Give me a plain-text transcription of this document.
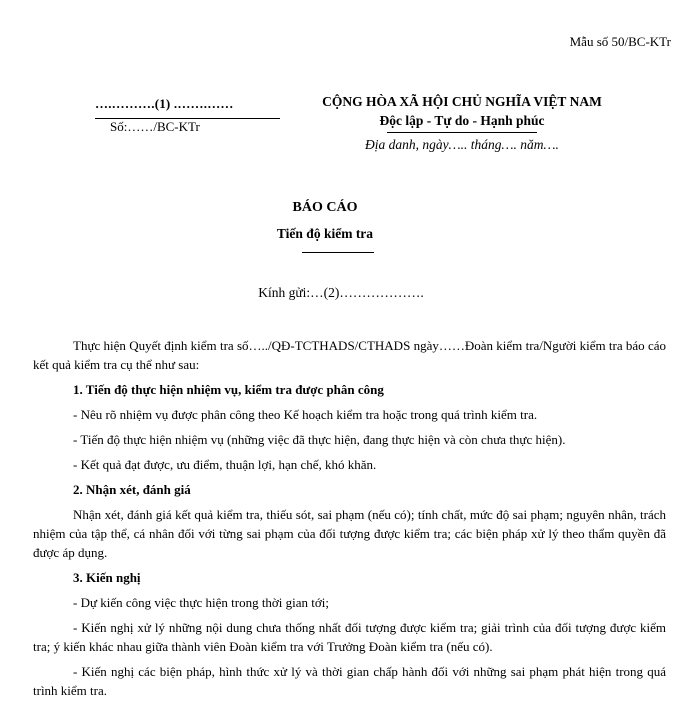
Mẫu số 50/BC-KTr
….……….(1) .…….……
Số:……/BC-KTr
CỘNG HÒA XÃ HỘI CHỦ NGHĨA VIỆT NAM
Độc lập - Tự do - Hạnh phúc
Địa danh, ngày….. tháng…. năm….
BÁO CÁO
Tiến độ kiểm tra
Kính gửi:…(2)……………….

Thực hiện Quyết định kiểm tra số…../QĐ-TCTHADS/CTHADS ngày……Đoàn kiểm tra/Người kiểm tra báo cáo kết quả kiểm tra cụ thể như sau:

1. Tiến độ thực hiện nhiệm vụ, kiểm tra được phân công

- Nêu rõ nhiệm vụ được phân công theo Kế hoạch kiểm tra hoặc trong quá trình kiểm tra.

- Tiến độ thực hiện nhiệm vụ (những việc đã thực hiện, đang thực hiện và còn chưa thực hiện).

- Kết quả đạt được, ưu điểm, thuận lợi, hạn chế, khó khăn.

2. Nhận xét, đánh giá

Nhận xét, đánh giá kết quả kiểm tra, thiếu sót, sai phạm (nếu có); tính chất, mức độ sai phạm; nguyên nhân, trách nhiệm của tập thể, cá nhân đối với từng sai phạm của đối tượng được kiểm tra; các biện pháp xử lý theo thẩm quyền đã được áp dụng.

3. Kiến nghị

- Dự kiến công việc thực hiện trong thời gian tới;

- Kiến nghị xử lý những nội dung chưa thống nhất đối tượng được kiểm tra; giải trình của đối tượng được kiểm tra; ý kiến khác nhau giữa thành viên Đoàn kiểm tra với Trưởng Đoàn kiểm tra (nếu có).

- Kiến nghị các biện pháp, hình thức xử lý và thời gian chấp hành đối với những sai phạm phát hiện trong quá trình kiểm tra.
